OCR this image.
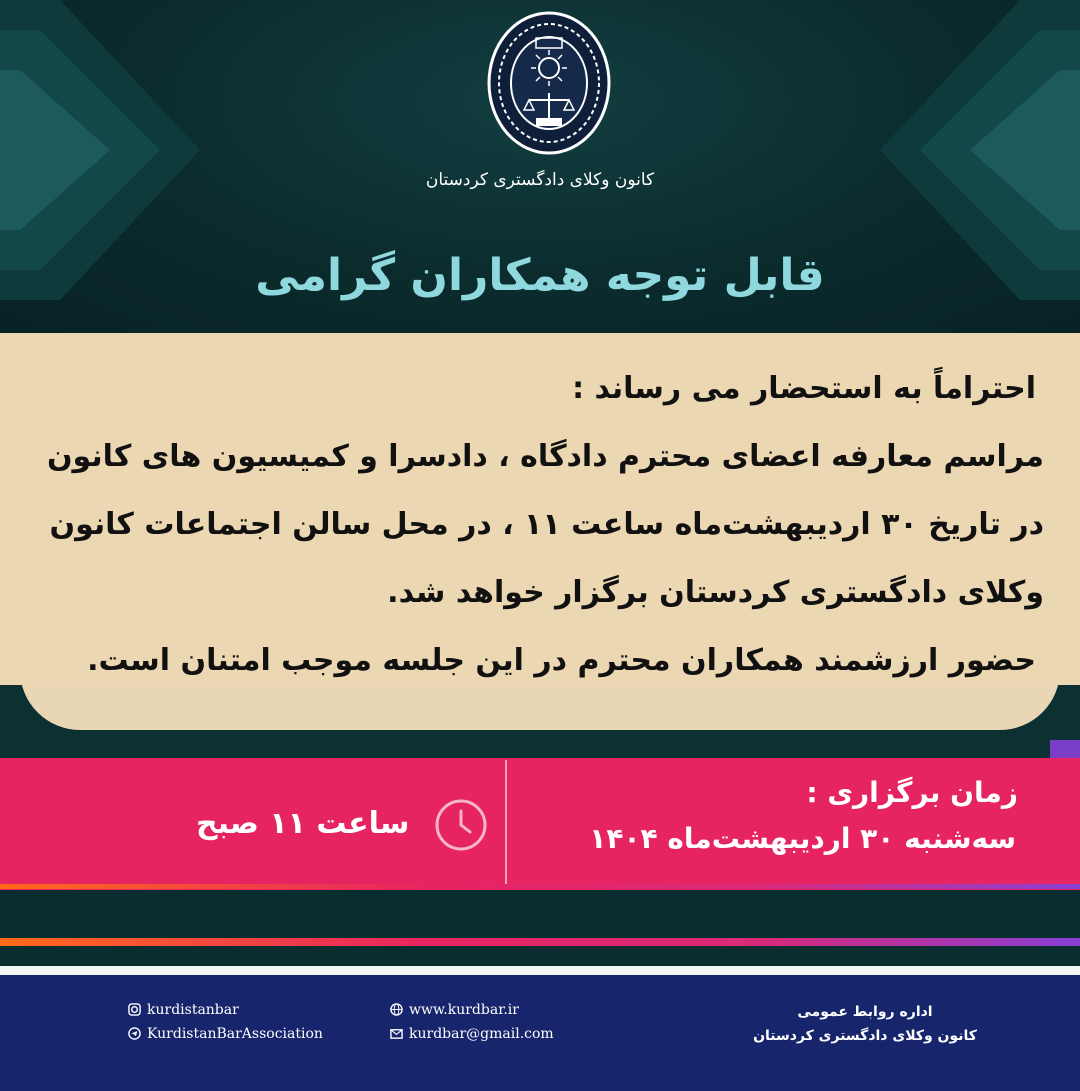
کانون وکلای دادگستری کردستان
قابل توجه همکاران گرامی
احتراماً به استحضار می رساند :
مراسم معارفه اعضای محترم دادگاه ، دادسرا و کمیسیون های کانون
در تاریخ ۳۰ اردیبهشت‌ماه ساعت ۱۱ ، در محل سالن اجتماعات کانون
وکلای دادگستری کردستان برگزار خواهد شد.
حضور ارزشمند همکاران محترم در این جلسه موجب امتنان است.
زمان برگزاری :
سه‌شنبه ۳۰ اردیبهشت‌ماه ۱۴۰۴
ساعت ۱۱ صبح
kurdistanbar
KurdistanBarAssociation
www.kurdbar.ir
kurdbar@gmail.com
اداره روابط عمومی
کانون وکلای دادگستری کردستان
